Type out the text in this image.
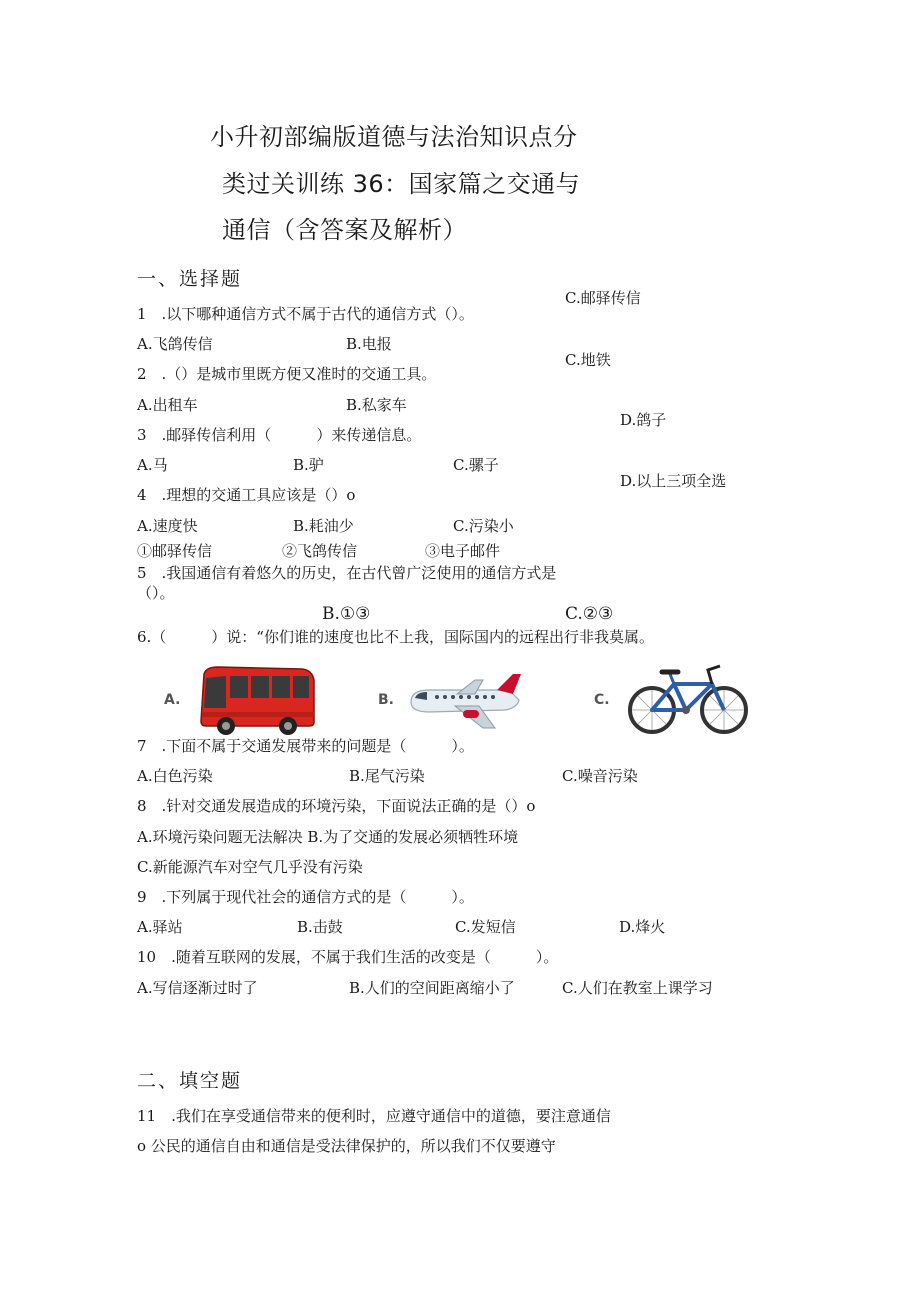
小升初部编版道德与法治知识点分
类过关训练 36：国家篇之交通与
通信（含答案及解析）
一、选择题
C.邮驿传信
1　.以下哪种通信方式不属于古代的通信方式（）。
A.飞鸽传信	B.电报
C.地铁
2　.（）是城市里既方便又准时的交通工具。
A.出租车	B.私家车
D.鸽子
3　.邮驿传信利用（　　　）来传递信息。
A.马	B.驴	C.骡子
D.以上三项全选
4　.理想的交通工具应该是（）o
A.速度快	B.耗油少	C.污染小
①邮驿传信	②飞鸽传信	③电子邮件
5　.我国通信有着悠久的历史，在古代曾广泛使用的通信方式是
（）。
B.①③	C.②③
6.（　　　）说：“你们谁的速度也比不上我，国际国内的远程出行非我莫属。
A.	B.	C.
7　.下面不属于交通发展带来的问题是（　　　）。
A.白色污染	B.尾气污染	C.噪音污染
8　.针对交通发展造成的环境污染，下面说法正确的是（）o
A.环境污染问题无法解决 B.为了交通的发展必须牺牲环境
C.新能源汽车对空气几乎没有污染
9　.下列属于现代社会的通信方式的是（　　　）。
A.驿站	B.击鼓	C.发短信	D.烽火
10　.随着互联网的发展，不属于我们生活的改变是（　　　）。
A.写信逐渐过时了	B.人们的空间距离缩小了	C.人们在教室上课学习
二、填空题
11　.我们在享受通信带来的便利时，应遵守通信中的道德，要注意通信
o 公民的通信自由和通信是受法律保护的，所以我们不仅要遵守
